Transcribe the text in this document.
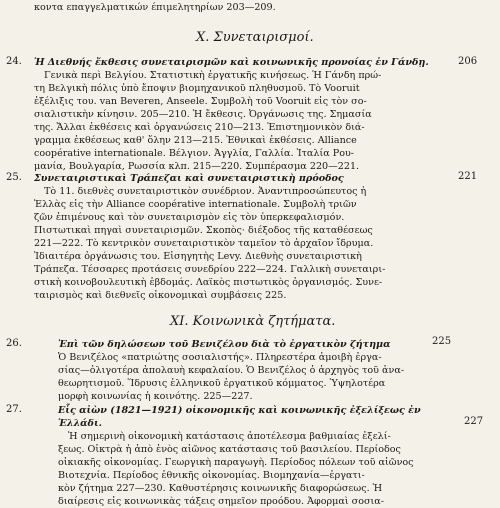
κοντα επαγγελματικών έπιμελητηρίων 203—209.
X. Συνεταιρισμοί.
24.	206
Ἡ Διεθνής ἔκθεσις συνεταιρισμῶν καὶ κοινωνικῆς προνοίας ἐν Γάνδῃ.
Γενικὰ περὶ Βελγίου. Στατιστικὴ ἐργατικῆς κινήσεως. Ἡ Γάνδη πρώ-
τη Βελγικὴ πόλις ὑπὸ ἔποψιν βιομηχανικοῦ πληθυσμοῦ. Τὸ Vooruit
ἐξέλιξις του. van Beveren, Anseele. Συμβολὴ τοῦ Vooruit εἰς τὸν σο-
σιαλιστικὴν κίνησιν. 205—210. Ἡ ἔκθεσις. Ὀργάνωσις της. Σημασία
της. Ἄλλαι ἐκθέσεις καὶ ὀργανώσεις 210—213. Ἐπιστημονικὸν διά-
γραμμα ἐκθέσεως καθ' ὅλην 213—215. Ἐθνικαὶ ἐκθέσεις. Alliance
coopérative internationale. Βέλγιον. Ἀγγλία, Γαλλία. Ἰταλία Ρου-
μανία, Βουλγαρία, Ρωσσία κλπ. 215—220. Συμπέρασμα 220—221.
25.	221
Συνεταιριστικαὶ Τράπεζαι καὶ συνεταιριστικὴ πρόοδος
Τὸ 11. διεθνὲς συνεταιριστικὸν συνέδριον. Ἀναντιπροσώπευτος ἡ
Ἑλλὰς εἰς τὴν Alliance coopérative internationale. Συμβολὴ τριῶν
ζῶν ἐπιμένους καὶ τὸν συνεταιρισμὸν εἰς τὸν ὑπερκεφαλισμόν.
Πιστωτικαὶ πηγαὶ συνεταιρισμῶν. Σκοπὸς· διέξοδος τῆς καταθέσεως
221—222. Τὸ κεντρικὸν συνεταιριστικὸν ταμεῖον τὸ ἀρχαῖον ἴδρυμα.
Ἰδιαιτέρα ὀργάνωσις του. Εἰσηγητὴς Levy. Διεθνὴς συνεταιριστικὴ
Τράπεζα. Τέσσαρες προτάσεις συνεδρίου 222—224. Γαλλικὴ συνεταιρι-
στικὴ κοινοβουλευτικὴ ἑβδομάς. Λαϊκὸς πιστωτικὸς ὀργανισμός. Συνε-
ταιρισμὸς καὶ διεθνεῖς οἰκονομικαὶ συμβάσεις 225.
XI. Κοινωνικὰ ζητήματα.
26.	225
Ἐπὶ τῶν δηλώσεων τοῦ Βενιζέλου διὰ τὸ ἐργατικὸν ζήτημα
Ὁ Βενιζέλος «πατριώτης σοσιαλιστής». Πληρεστέρα ἀμοιβὴ ἐργα-
σίας—ὀλιγοτέρα ἀπολαυὴ κεφαλαίου. Ὁ Βενιζέλος ὁ ἀρχηγὸς τοῦ ἀνα-
θεωρητισμοῦ. Ἵδρυσις ἑλληνικοῦ ἐργατικοῦ κόμματος. Ὑψηλοτέρα
μορφὴ κοινωνίας ἡ κοινότης. 225—227.
27.	Εἷς αἰὼν (1821—1921) οἰκονομικῆς καὶ κοινωνικῆς ἐξελίξεως ἐν
Ἑλλάδι.	227
Ἡ σημερινὴ οἰκονομικὴ κατάστασις ἀποτέλεσμα βαθμιαίας ἐξελί-
ξεως. Οἰκτρὰ ἡ ἀπὸ ἑνὸς αἰῶνος κατάστασις τοῦ βασιλείου. Περίοδος
οἰκιακῆς οἰκονομίας. Γεωργικὴ παραγωγὴ. Περίοδος πόλεων τοῦ αἰῶνος
Βιοτεχνία. Περίοδος ἐθνικῆς οἰκονομίας. Βιομηχανία—ἐργατι-
κὸν ζήτημα 227—230. Καθυστέρησις κοινωνικῆς διαφορώσεως. Ἡ
διαίρεσις εἰς κοινωνικὰς τάξεις σημεῖον προόδου. Ἀφορμαὶ σοσια-
